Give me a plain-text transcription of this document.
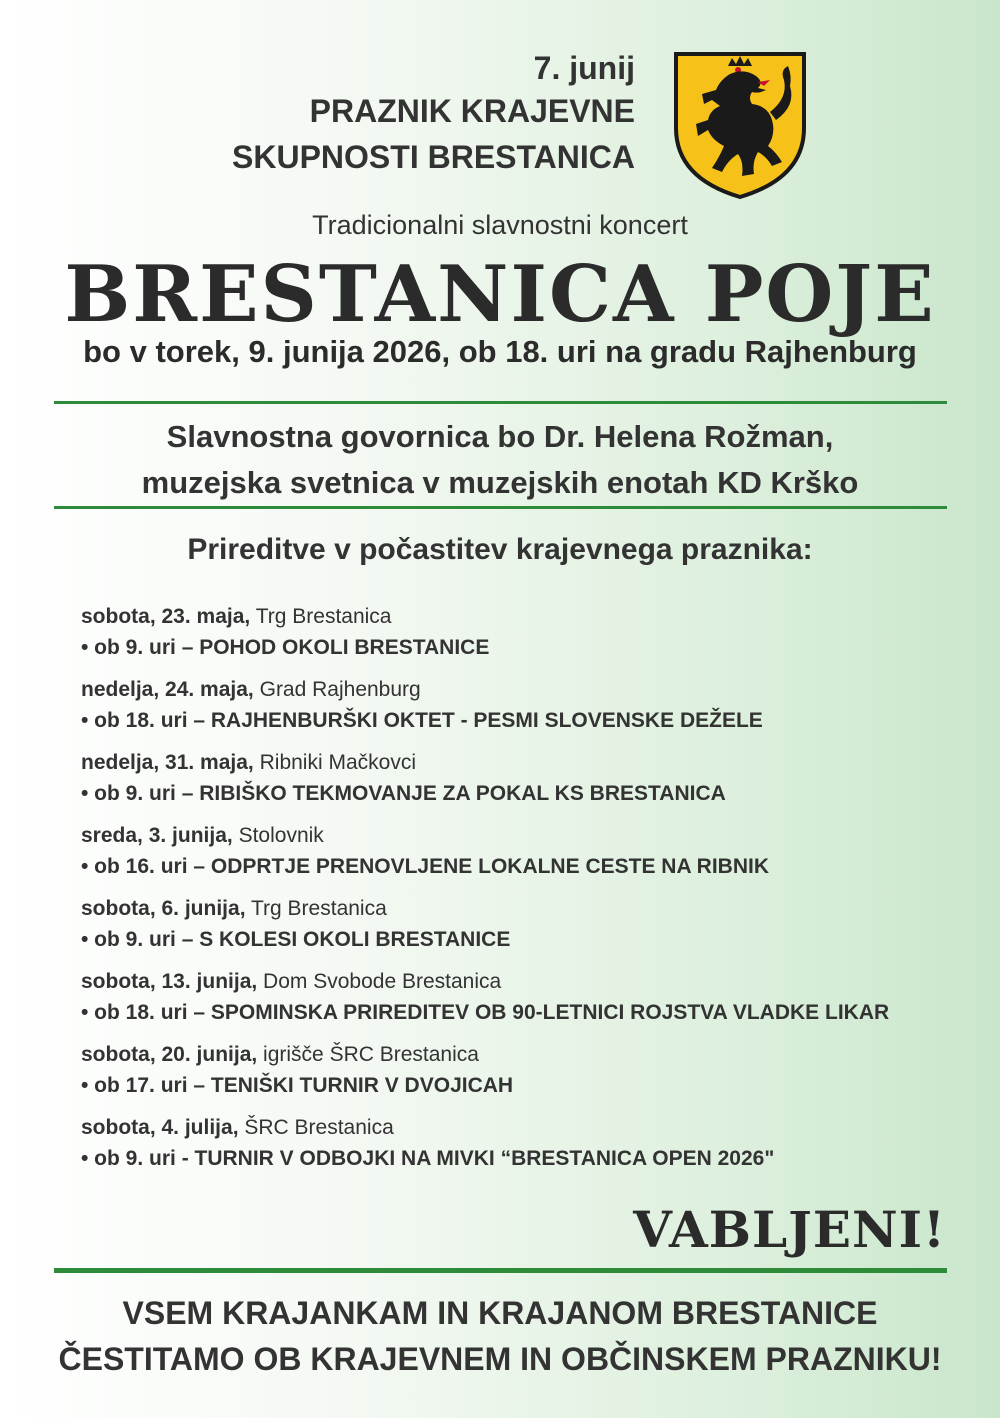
7. junij
PRAZNIK KRAJEVNE
SKUPNOSTI BRESTANICA
Tradicionalni slavnostni koncert
BRESTANICA POJE
bo v torek, 9. junija 2026, ob 18. uri na gradu Rajhenburg
Slavnostna govornica bo Dr. Helena Rožman,
muzejska svetnica v muzejskih enotah KD Krško
Prireditve v počastitev krajevnega praznika:
sobota, 23. maja, Trg Brestanica
• ob 9. uri – POHOD OKOLI BRESTANICE
nedelja, 24. maja, Grad Rajhenburg
• ob 18. uri – RAJHENBURŠKI OKTET - PESMI SLOVENSKE DEŽELE
nedelja, 31. maja, Ribniki Mačkovci
• ob 9. uri – RIBIŠKO TEKMOVANJE ZA POKAL KS BRESTANICA
sreda, 3. junija, Stolovnik
• ob 16. uri – ODPRTJE PRENOVLJENE LOKALNE CESTE NA RIBNIK
sobota, 6. junija, Trg Brestanica
• ob 9. uri – S KOLESI OKOLI BRESTANICE
sobota, 13. junija, Dom Svobode Brestanica
• ob 18. uri – SPOMINSKA PRIREDITEV OB 90-LETNICI ROJSTVA VLADKE LIKAR
sobota, 20. junija, igrišče ŠRC Brestanica
• ob 17. uri – TENIŠKI TURNIR V DVOJICAH
sobota, 4. julija, ŠRC Brestanica
• ob 9. uri - TURNIR V ODBOJKI NA MIVKI “BRESTANICA OPEN 2026"
VABLJENI!
VSEM KRAJANKAM IN KRAJANOM BRESTANICE
ČESTITAMO OB KRAJEVNEM IN OBČINSKEM PRAZNIKU!
